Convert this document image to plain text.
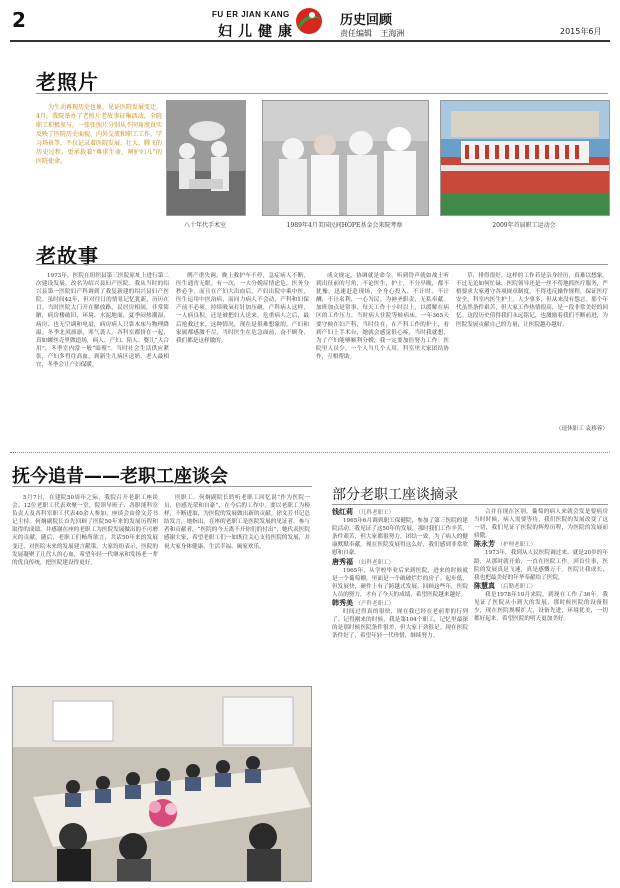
2	FU ER JIAN KANG
妇儿健康
历史回顾
责任编辑 王海洲	2015年6月
老照片

为生动再现历史也象，见证医院发展变迁，4月，我院举办了老照片老故事征集活动。全院职工积极参与，一张张照片分别从不同角度真实反映了医院历史面貌、内外交流和职工工作、学习场景等，不仅记录着医院发展、壮大、腾飞的历史过程，更承载着“尊重生命、呵护妇儿”的医院使命。

八十年代手术室	1989年4月美国民间HOPE基金会来院考察	2009年首届职工运动会
老故事

1973年，医院在组织县第三医院原址上进行第二次建设发展，改名为绍兴县妇产医院。我从当时的绍兴县第一医院妇产科调到了我复新建的绍兴县妇产医院。虽时间42年，但对往日的情景记忆犹新，历历在目。当时医院大门开在解放路，民居房相间，非常简陋，病房楼破旧，环境、水泥地面，夏季闷热潮湿，病房、也无空调和电扇，病房病人只靠木床与物理降温；冬季北风凛凛，寒气袭人。各科室都挤在一起，真如螺丝壳里做道场，病人、产妇、陪人、婴儿“人合用”，冬季室内常一般“暗殖”。当时社会生活供应紧张，产妇多得往高血，到新生儿病区送奶、老人最相宜，冬季会让产妇保暖。

例产重失调，晚上救护车不停，急症病人不断，医生通宵无眠。有一次，一人分娩症情虑危，医务分秒必争，而且在产妇大出血后，产妇出院中乘中医，医生运用中医治病，而同力病人不会动，产科和妇保产前不必须，持续吸氧打针加压砸，产科病人这样，一人病良积，还是被把妇人送来。危重病人之后，最后抢救过来，这种情况，现在是很难想象的。产妇和家属都感激不尽，当时医生在危急面前，奋不顾身，我们都是这样做的。

成文规定，协调就是命令。听到铃声就如战士听到出征前的号角，不论医生，护士，不分早晚，都不犹豫，迅速赶赴现场，全身心投入，不计时，不计酬，不计名利，一心为民。为神圣职责，无私奉献。加班加点是常事，每天工作十小时以上，以缓解在病区的工作压力，当时病人住院等候病床，一年365天要守候在妇产科，当时住在，在产科工作的护士，看到产妇上手术台，她就会感觉很心疼，当时我就想，为了产妇能够顺利分娩，我一定要加倍努力工作。医院里人员少，一个人当几个人用，科室里大家团结协作，互相帮助。

草，排得很好。这样的工作若是亲身经历，真难以想象。不过无论如何忙碌，医院领导还是一丝不苟地抓医疗服务，严格要求大家遵守各项规章制度，不得违反操作规程，保证医疗安全。科室内医生护士，人少事多，但从来没有怨言。那个年代虽然条件艰苦，但大家工作热情很高，是一段非常美好的回忆。这段历史值得我们永远铭记，也激励着我们不断前进，为医院发展贡献自己的力量，让医院越办越好。

（退休职工 袁移蓉）
抚今追昔——老职工座谈会

5月7日，在建院50周年之际，我院召开老职工座谈会。12位老职工代表欢聚一堂，院领导班子、各职能科室负责人及各科室职工代表40余人参加。座谈会由徐文芳书记主持。何炯副院长首先回顾了医院50年来的发展历程和取得的成绩，并感谢在座的老职工为医院发展做出的不可磨灭的贡献。随后，老职工们畅所欲言，共话50年来的发展变迁，对医院未来的发展建言献策。大家纷纷表示，医院的发展凝聚了几代人的心血，希望年轻一代继承和发扬老一辈的优良传统，把医院建设得更好。

医职工。何炯副院长聆听老职工回忆说“作为医院一员，倍感光荣和自豪”，在今后的工作中，要以老职工为榜样，不断进取，为医院的发展做出新的贡献。徐文芳书记总结发言，她指出，在座的老职工是医院发展的见证者、参与者和贡献者，“医院的今天离不开你们的付出”，她代表医院感谢大家，希望老职工们一如既往关心支持医院的发展，并祝大家身体健康、生活幸福、阖家欢乐。

部分老职工座谈摘录

钱红莉 （儿科老职工）

1965年6月调到职工保健院，参加了第三医院的建院活动。我见证了这50年的发展。那时我们工作辛苦，条件艰苦，但大家都很努力，团结一致，为了病人的健康默默奉献。现在医院发展得这么好，我们感到非常欣慰和自豪。

唐秀福 （妇科老职工）

1965年，从学校毕业后来到医院，进来的时候就是一个葡萄棚，里面是一个破破烂烂的房子。起步低，但发展快，硬件上有了跨越式发展。回顾这些年，医院人员的努力，才有了今天的成绩，希望医院越来越好。

韩秀美 （产科老职工）

时间过得真的很快，现在我已经在老前辈的行列了。记得刚来的时候，我是第104个职工，记忆里最深的是那时候医院条件很差，但大家干劲很足。现在医院条件好了，希望年轻一代珍惜，继续努力。

合并在现在区别，葡萄的病人来就会发是要病房当时时候，病人需要等待，我们医院的发展改变了这一切，我们见证了医院的辉煌历程，为医院的发展而骄傲。

陈永芳 （护理老职工）

1973年，我到从人民医院调过来。就是20岁的年龄，从那时就开始，一直在医院工作。回首往事，医院的发展真是飞速，真是感慨万千。医院让我成长，我也把最美好的年华奉献给了医院。

陈慧真 （后勤老职工）

我是1978年10月来院，到现在工作了36年。我见证了医院从小到大的发展，那时候医院的设备很少，现在医院规模扩大，设备先进，环境优美，一切都好起来，希望医院的明天更加美好。
